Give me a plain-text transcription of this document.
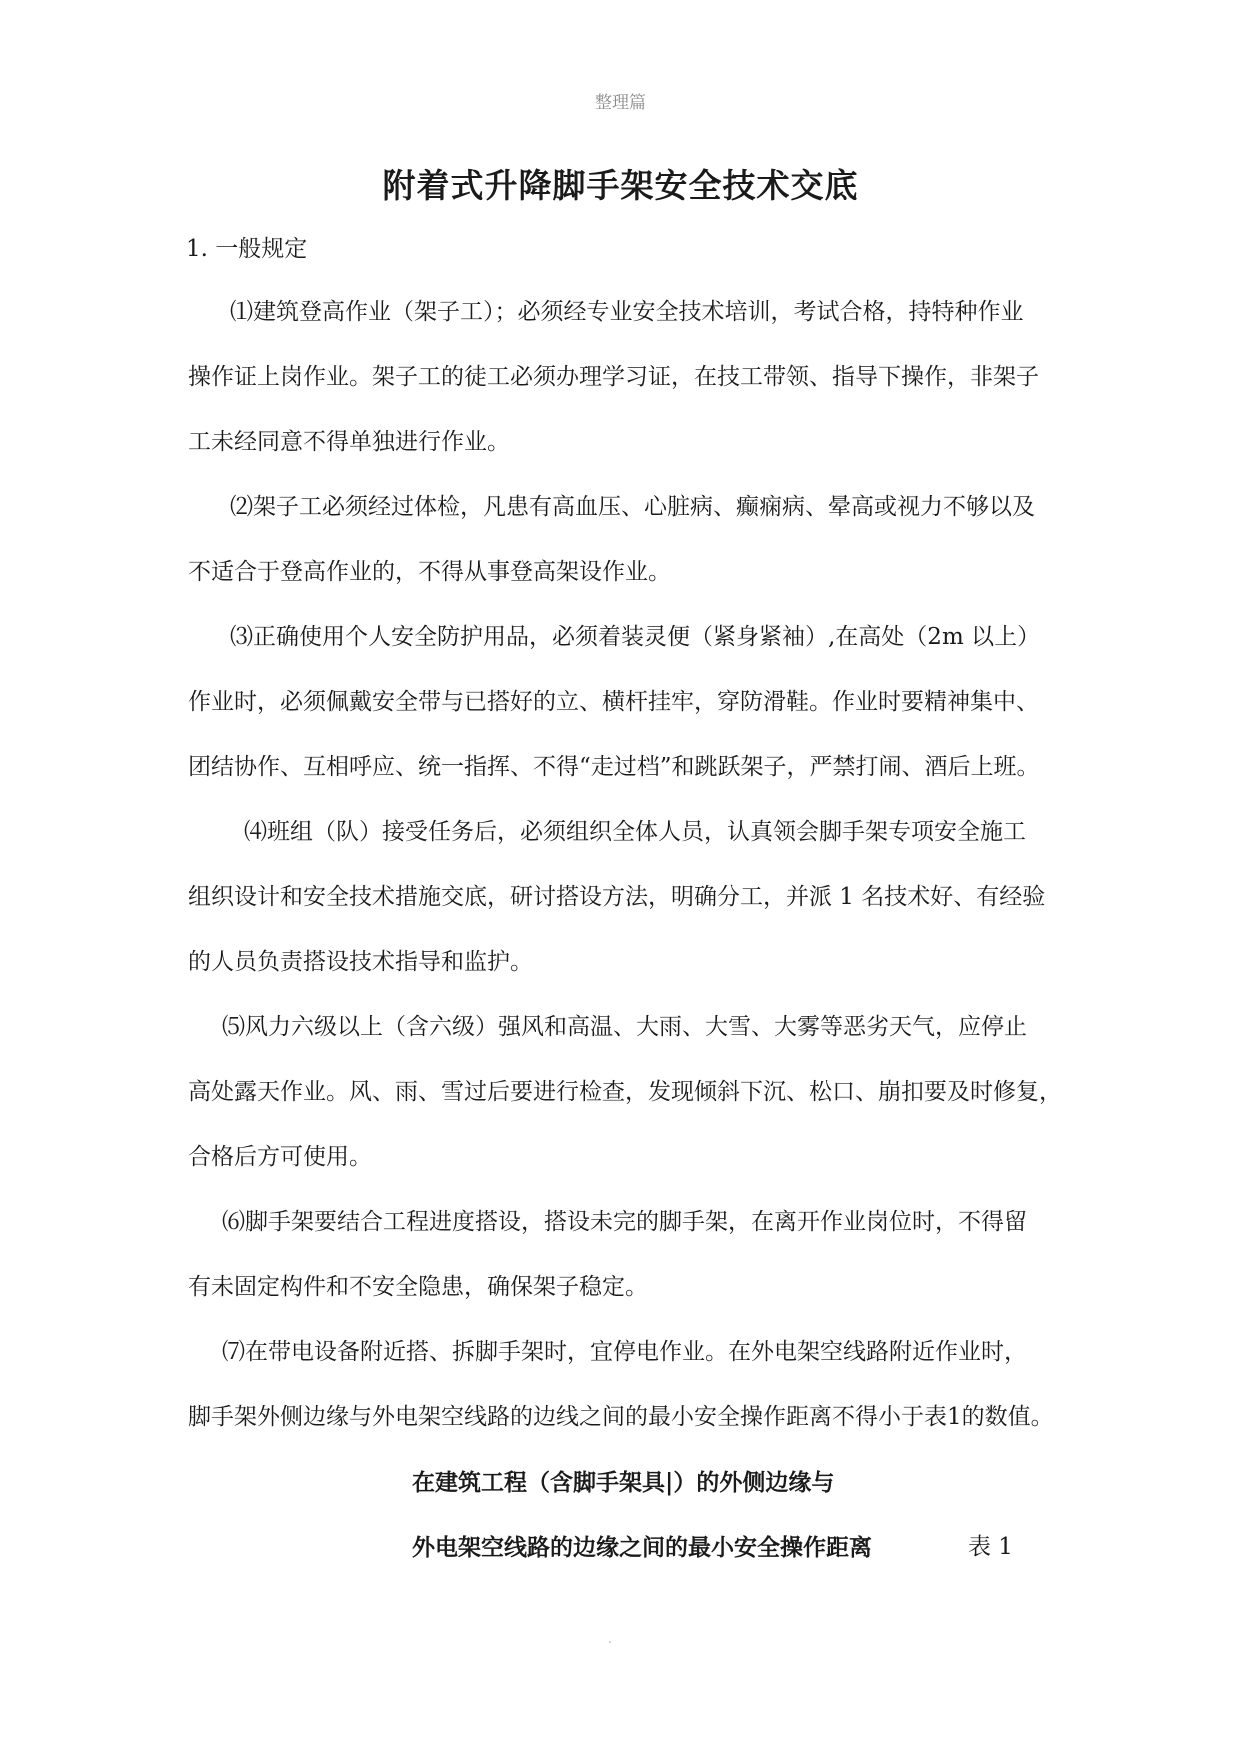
整理篇
附着式升降脚手架安全技术交底
1. 一般规定
⑴建筑登高作业（架子工）；必须经专业安全技术培训，考试合格，持特种作业
操作证上岗作业。架子工的徒工必须办理学习证，在技工带领、指导下操作，非架子
工未经同意不得单独进行作业。
⑵架子工必须经过体检，凡患有高血压、心脏病、癫痫病、晕高或视力不够以及
不适合于登高作业的，不得从事登高架设作业。
⑶正确使用个人安全防护用品，必须着装灵便（紧身紧袖）,在高处（2m 以上）
作业时，必须佩戴安全带与已搭好的立、横杆挂牢，穿防滑鞋。作业时要精神集中、
团结协作、互相呼应、统一指挥、不得“走过档”和跳跃架子，严禁打闹、酒后上班。
⑷班组（队）接受任务后，必须组织全体人员，认真领会脚手架专项安全施工
组织设计和安全技术措施交底，研讨搭设方法，明确分工，并派 1 名技术好、有经验
的人员负责搭设技术指导和监护。
⑸风力六级以上（含六级）强风和高温、大雨、大雪、大雾等恶劣天气，应停止
高处露天作业。风、雨、雪过后要进行检查，发现倾斜下沉、松口、崩扣要及时修复，
合格后方可使用。
⑹脚手架要结合工程进度搭设，搭设未完的脚手架，在离开作业岗位时，不得留
有未固定构件和不安全隐患，确保架子稳定。
⑺在带电设备附近搭、拆脚手架时，宜停电作业。在外电架空线路附近作业时，
脚手架外侧边缘与外电架空线路的边线之间的最小安全操作距离不得小于表1的数值。
在建筑工程（含脚手架具|）的外侧边缘与
外电架空线路的边缘之间的最小安全操作距离	表 1
.
